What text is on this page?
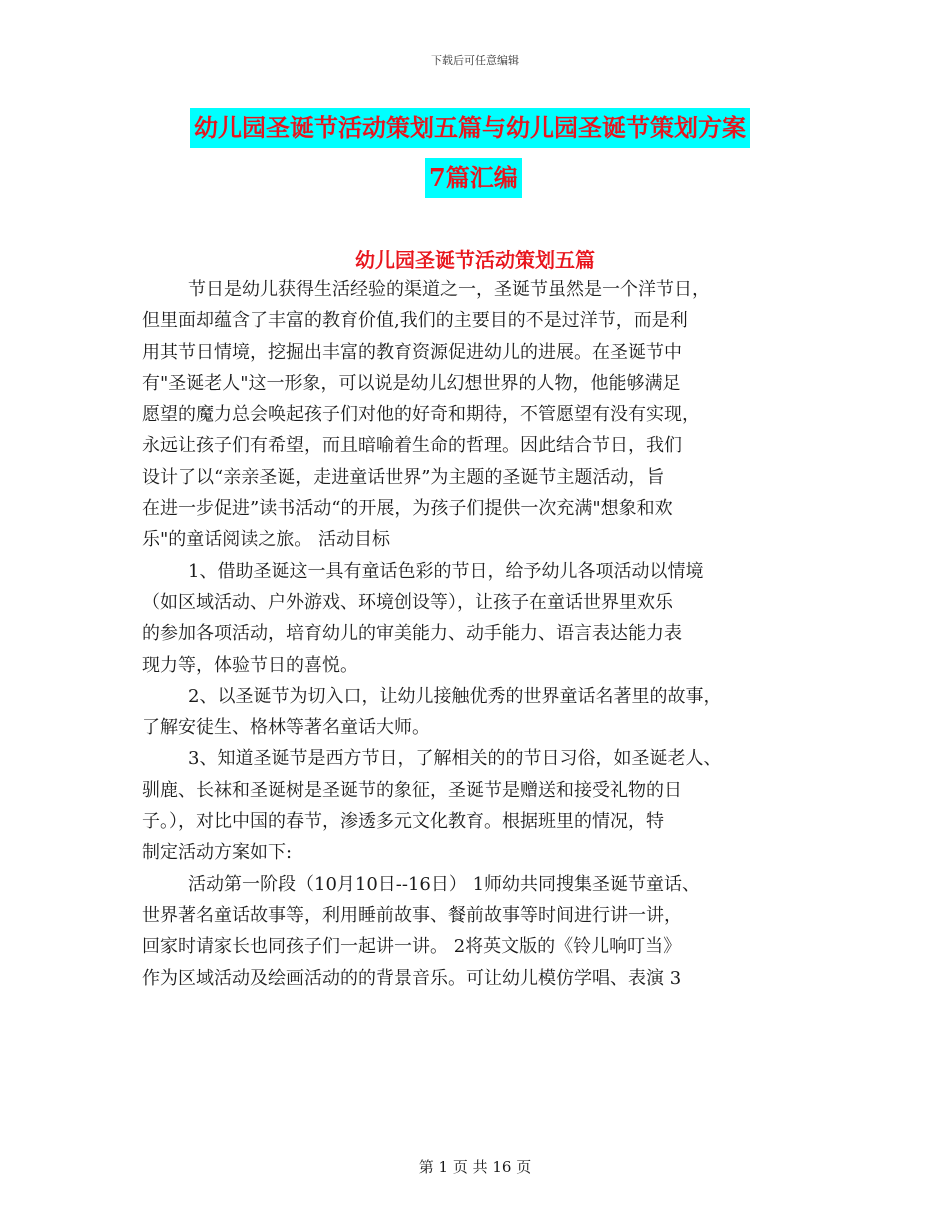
下载后可任意编辑
幼儿园圣诞节活动策划五篇与幼儿园圣诞节策划方案
7篇汇编
幼儿园圣诞节活动策划五篇
节日是幼儿获得生活经验的渠道之一，圣诞节虽然是一个洋节日，
但里面却蕴含了丰富的教育价值,我们的主要目的不是过洋节，而是利
用其节日情境，挖掘出丰富的教育资源促进幼儿的进展。在圣诞节中
有"圣诞老人"这一形象，可以说是幼儿幻想世界的人物，他能够满足
愿望的魔力总会唤起孩子们对他的好奇和期待，不管愿望有没有实现，
永远让孩子们有希望，而且暗喻着生命的哲理。因此结合节日，我们
设计了以“亲亲圣诞，走进童话世界”为主题的圣诞节主题活动，旨
在进一步促进”读书活动“的开展，为孩子们提供一次充满"想象和欢
乐"的童话阅读之旅。 活动目标
1、借助圣诞这一具有童话色彩的节日，给予幼儿各项活动以情境
（如区域活动、户外游戏、环境创设等），让孩子在童话世界里欢乐
的参加各项活动，培育幼儿的审美能力、动手能力、语言表达能力表
现力等，体验节日的喜悦。
2、以圣诞节为切入口，让幼儿接触优秀的世界童话名著里的故事，
了解安徒生、格林等著名童话大师。
3、知道圣诞节是西方节日，了解相关的的节日习俗，如圣诞老人、
驯鹿、长袜和圣诞树是圣诞节的象征，圣诞节是赠送和接受礼物的日
子。），对比中国的春节，渗透多元文化教育。根据班里的情况，特
制定活动方案如下:
活动第一阶段（10月10日--16日） 1师幼共同搜集圣诞节童话、
世界著名童话故事等，利用睡前故事、餐前故事等时间进行讲一讲，
回家时请家长也同孩子们一起讲一讲。 2将英文版的《铃儿响叮当》
作为区域活动及绘画活动的的背景音乐。可让幼儿模仿学唱、表演 3
第 1 页 共 16 页
